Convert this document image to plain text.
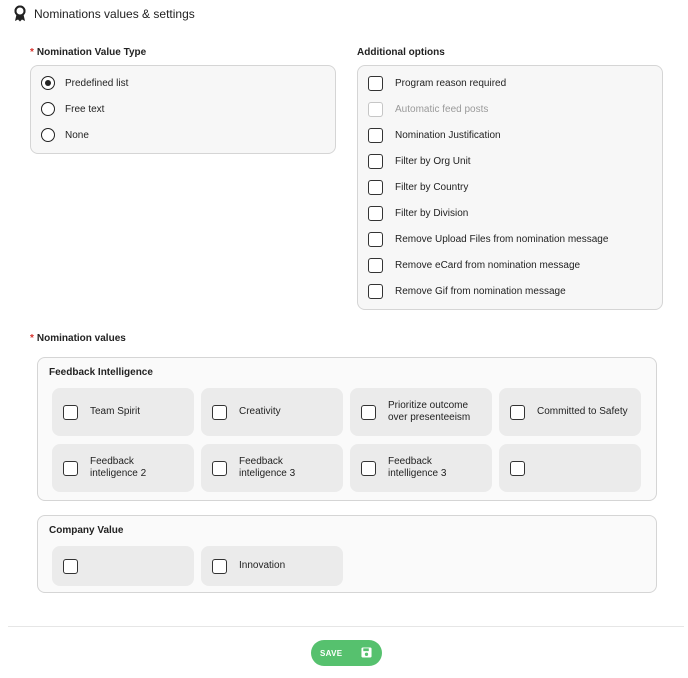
Nominations values & settings
* Nomination Value Type
Predefined list
Free text
None
Additional options
Program reason required
Automatic feed posts
Nomination Justification
Filter by Org Unit
Filter by Country
Filter by Division
Remove Upload Files from nomination message
Remove eCard from nomination message
Remove Gif from nomination message
* Nomination values
Feedback Intelligence
Team Spirit	Creativity
Prioritize outcome over presenteeism
Committed to Safety
Feedback inteligence 2
Feedback inteligence 3
Feedback intelligence 3
Company Value
Innovation
SAVE
